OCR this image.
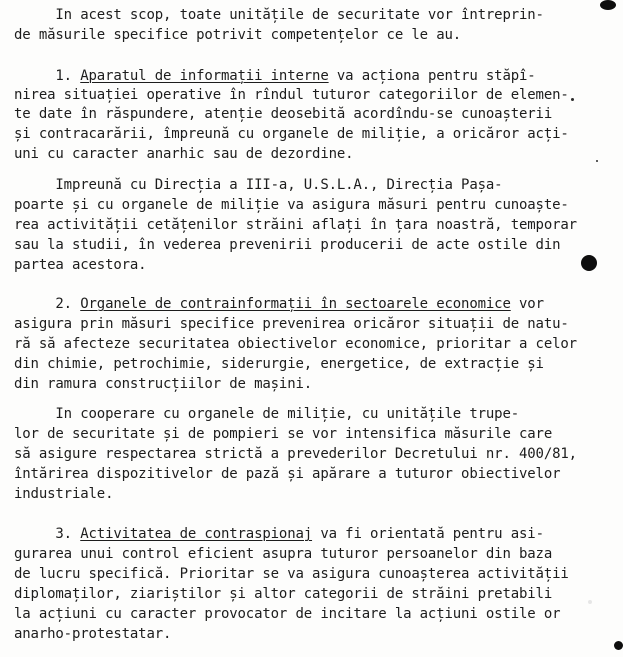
In acest scop, toate unitățile de securitate vor întreprin-
de măsurile specifice potrivit competențelor ce le au.
1. Aparatul de informații interne va acționa pentru stăpî-
nirea situației operative în rîndul tuturor categoriilor de elemen-
te date în răspundere, atenție deosebită acordîndu-se cunoașterii
și contracarării, împreună cu organele de miliție, a oricăror acți-
uni cu caracter anarhic sau de dezordine.
Impreună cu Direcția a III-a, U.S.L.A., Direcția Pașa-
poarte și cu organele de miliție va asigura măsuri pentru cunoaște-
rea activității cetățenilor străini aflați în țara noastră, temporar
sau la studii, în vederea prevenirii producerii de acte ostile din
partea acestora.
2. Organele de contrainformații în sectoarele economice vor
asigura prin măsuri specifice prevenirea oricăror situații de natu-
ră să afecteze securitatea obiectivelor economice, prioritar a celor
din chimie, petrochimie, siderurgie, energetice, de extracție și
din ramura construcțiilor de mașini.
In cooperare cu organele de miliție, cu unitățile trupe-
lor de securitate și de pompieri se vor intensifica măsurile care
să asigure respectarea strictă a prevederilor Decretului nr. 400/81,
întărirea dispozitivelor de pază și apărare a tuturor obiectivelor
industriale.
3. Activitatea de contraspionaj va fi orientată pentru asi-
gurarea unui control eficient asupra tuturor persoanelor din baza
de lucru specifică. Prioritar se va asigura cunoașterea activității
diplomaților, ziariștilor și altor categorii de străini pretabili
la acțiuni cu caracter provocator de incitare la acțiuni ostile or
anarho-protestatar.
